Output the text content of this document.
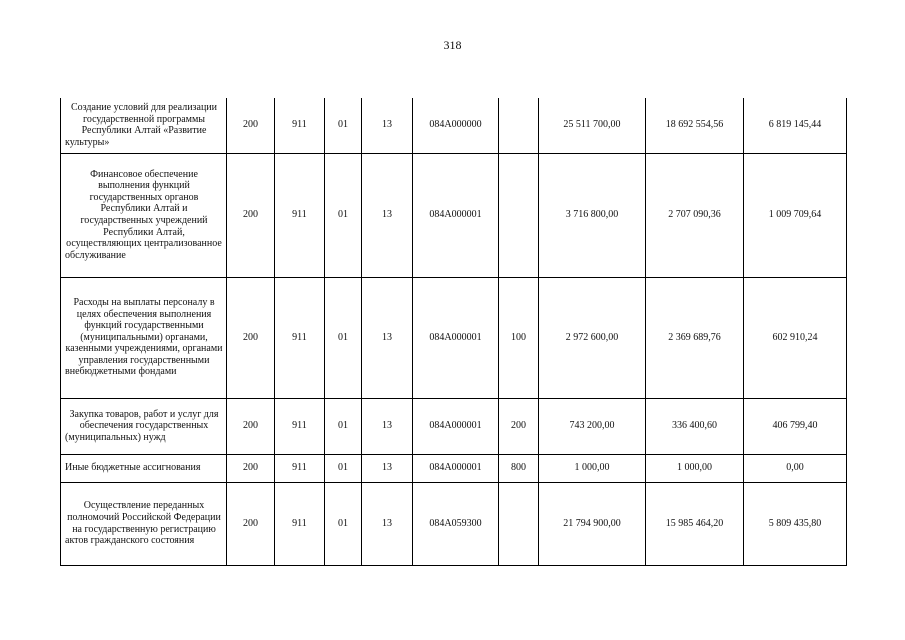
318
Создание условий для реализации государственной программы Республики Алтай «Развитие культуры»	200	911	01	13	084A000000		25 511 700,00	18 692 554,56	6 819 145,44
Финансовое обеспечение выполнения функций государственных органов Республики Алтай и государственных учреждений Республики Алтай, осуществляющих централизованное обслуживание	200	911	01	13	084A000001		3 716 800,00	2 707 090,36	1 009 709,64
Расходы на выплаты персоналу в целях обеспечения выполнения функций государственными (муниципальными) органами, казенными учреждениями, органами управления государственными внебюджетными фондами	200	911	01	13	084A000001	100	2 972 600,00	2 369 689,76	602 910,24
Закупка товаров, работ и услуг для обеспечения государственных (муниципальных) нужд	200	911	01	13	084A000001	200	743 200,00	336 400,60	406 799,40
Иные бюджетные ассигнования	200	911	01	13	084A000001	800	1 000,00	1 000,00	0,00
Осуществление переданных полномочий Российской Федерации на государственную регистрацию актов гражданского состояния	200	911	01	13	084A059300		21 794 900,00	15 985 464,20	5 809 435,80
